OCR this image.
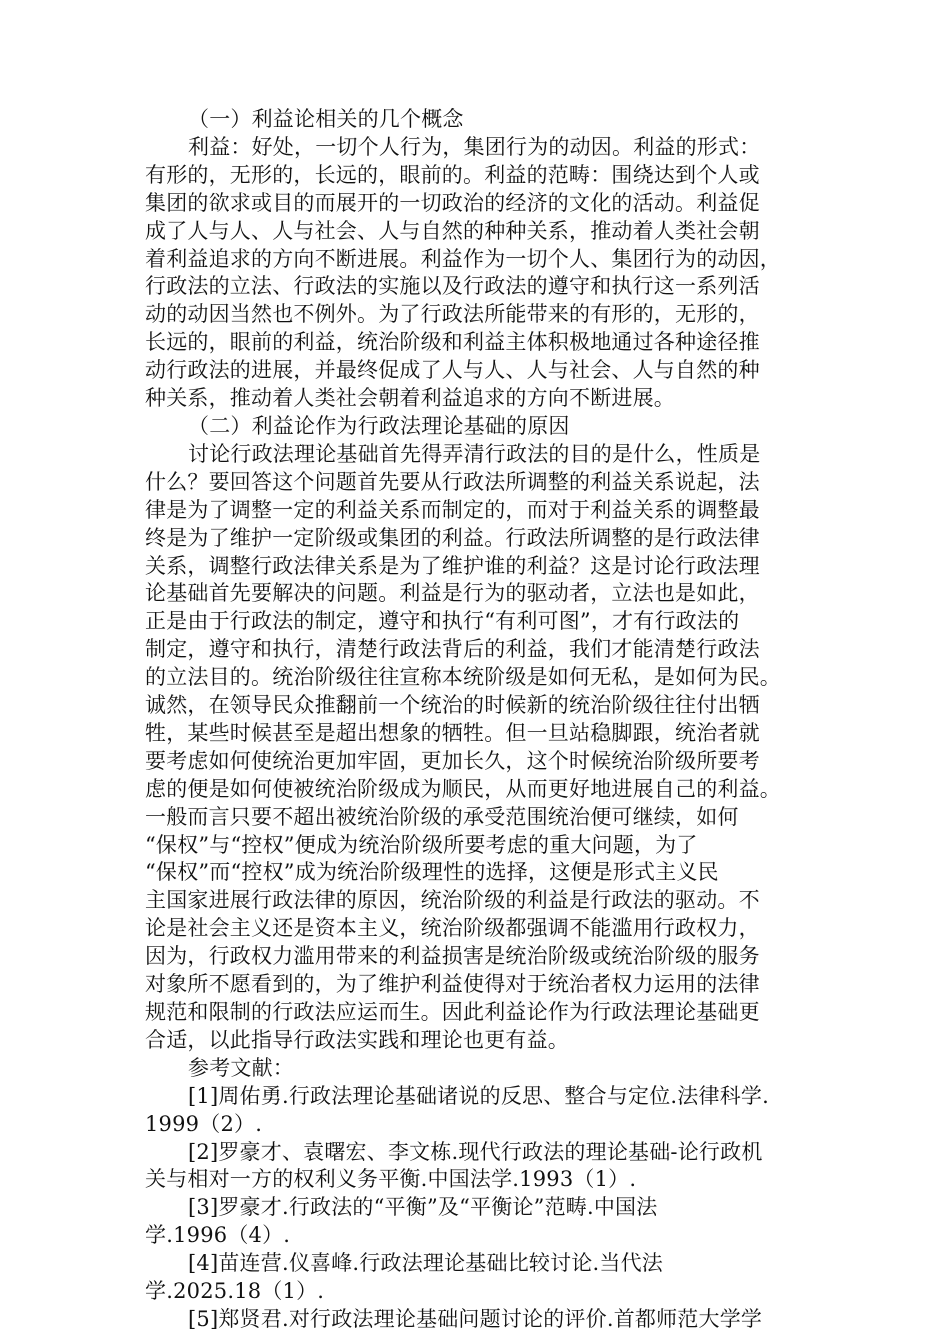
（一）利益论相关的几个概念
利益：好处，一切个人行为，集团行为的动因。利益的形式：
有形的，无形的，长远的，眼前的。利益的范畴：围绕达到个人或
集团的欲求或目的而展开的一切政治的经济的文化的活动。利益促
成了人与人、人与社会、人与自然的种种关系，推动着人类社会朝
着利益追求的方向不断进展。利益作为一切个人、集团行为的动因，
行政法的立法、行政法的实施以及行政法的遵守和执行这一系列活
动的动因当然也不例外。为了行政法所能带来的有形的，无形的，
长远的，眼前的利益，统治阶级和利益主体积极地通过各种途径推
动行政法的进展，并最终促成了人与人、人与社会、人与自然的种
种关系，推动着人类社会朝着利益追求的方向不断进展。
（二）利益论作为行政法理论基础的原因
讨论行政法理论基础首先得弄清行政法的目的是什么，性质是
什么？要回答这个问题首先要从行政法所调整的利益关系说起，法
律是为了调整一定的利益关系而制定的，而对于利益关系的调整最
终是为了维护一定阶级或集团的利益。行政法所调整的是行政法律
关系，调整行政法律关系是为了维护谁的利益？这是讨论行政法理
论基础首先要解决的问题。利益是行为的驱动者，立法也是如此，
正是由于行政法的制定，遵守和执行“有利可图”，才有行政法的
制定，遵守和执行，清楚行政法背后的利益，我们才能清楚行政法
的立法目的。统治阶级往往宣称本统阶级是如何无私，是如何为民。
诚然，在领导民众推翻前一个统治的时候新的统治阶级往往付出牺
牲，某些时候甚至是超出想象的牺牲。但一旦站稳脚跟，统治者就
要考虑如何使统治更加牢固，更加长久，这个时候统治阶级所要考
虑的便是如何使被统治阶级成为顺民，从而更好地进展自己的利益。
一般而言只要不超出被统治阶级的承受范围统治便可继续，如何
“保权”与“控权”便成为统治阶级所要考虑的重大问题，为了
“保权”而“控权”成为统治阶级理性的选择，这便是形式主义民
主国家进展行政法律的原因，统治阶级的利益是行政法的驱动。不
论是社会主义还是资本主义，统治阶级都强调不能滥用行政权力，
因为，行政权力滥用带来的利益损害是统治阶级或统治阶级的服务
对象所不愿看到的，为了维护利益使得对于统治者权力运用的法律
规范和限制的行政法应运而生。因此利益论作为行政法理论基础更
合适，以此指导行政法实践和理论也更有益。
参考文献：
[1]周佑勇.行政法理论基础诸说的反思、整合与定位.法律科学.
1999（2）.
[2]罗豪才、袁曙宏、李文栋.现代行政法的理论基础-论行政机
关与相对一方的权利义务平衡.中国法学.1993（1）.
[3]罗豪才.行政法的“平衡”及“平衡论”范畴.中国法
学.1996（4）.
[4]苗连营.仪喜峰.行政法理论基础比较讨论.当代法
学.2025.18（1）.
[5]郑贤君.对行政法理论基础问题讨论的评价.首都师范大学学
